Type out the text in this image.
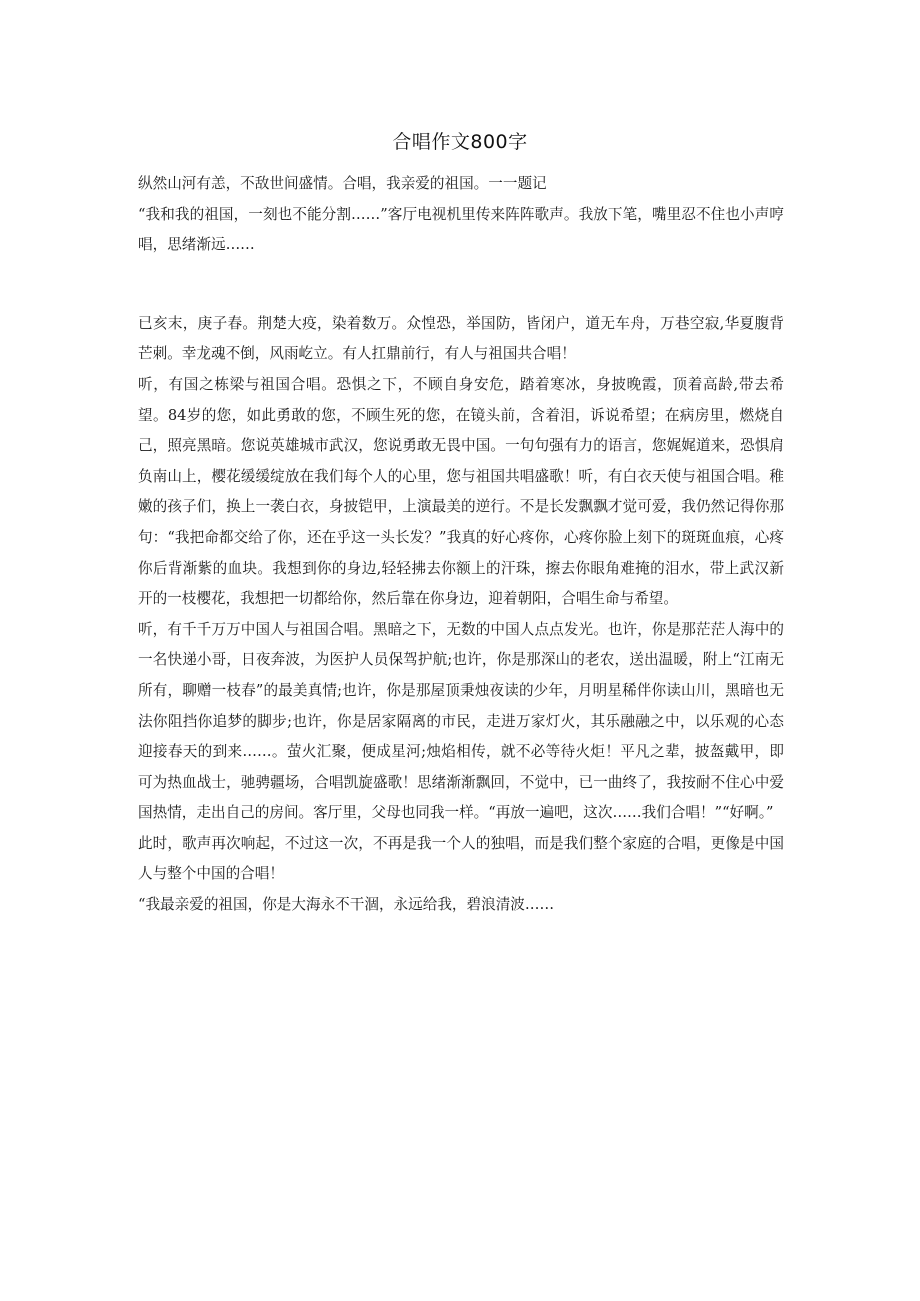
合唱作文800字

纵然山河有恙，不敌世间盛情。合唱，我亲爱的祖国。一一题记

“我和我的祖国，一刻也不能分割……”客厅电视机里传来阵阵歌声。我放下笔，嘴里忍不住也小声哼唱，思绪渐远……

已亥末，庚子春。荆楚大疫，染着数万。众惶恐，举国防，皆闭户，道无车舟，万巷空寂,华夏腹背芒刺。幸龙魂不倒，风雨屹立。有人扛鼎前行，有人与祖国共合唱！

听，有国之栋梁与祖国合唱。恐惧之下，不顾自身安危，踏着寒冰，身披晚霞，顶着高龄,带去希望。84岁的您，如此勇敢的您，不顾生死的您，在镜头前，含着泪，诉说希望；在病房里，燃烧自己，照亮黑暗。您说英雄城市武汉，您说勇敢无畏中国。一句句强有力的语言，您娓娓道来，恐惧肩负南山上，樱花缓缓绽放在我们每个人的心里，您与祖国共唱盛歌！听，有白衣天使与祖国合唱。稚嫩的孩子们，换上一袭白衣，身披铠甲，上演最美的逆行。不是长发飘飘才觉可爱，我仍然记得你那句：“我把命都交给了你，还在乎这一头长发？”我真的好心疼你，心疼你脸上刻下的斑斑血痕，心疼你后背渐紫的血块。我想到你的身边,轻轻拂去你额上的汗珠，擦去你眼角难掩的泪水，带上武汉新开的一枝樱花，我想把一切都给你，然后靠在你身边，迎着朝阳，合唱生命与希望。

听，有千千万万中国人与祖国合唱。黑暗之下，无数的中国人点点发光。也许，你是那茫茫人海中的一名快递小哥，日夜奔波，为医护人员保驾护航;也许，你是那深山的老农，送出温暖，附上“江南无所有，聊赠一枝春”的最美真情;也许，你是那屋顶秉烛夜读的少年，月明星稀伴你读山川，黑暗也无法你阻挡你追梦的脚步;也许，你是居家隔离的市民，走进万家灯火，其乐融融之中，以乐观的心态迎接春天的到来……。萤火汇聚，便成星河;烛焰相传，就不必等待火炬！平凡之辈，披盔戴甲，即可为热血战士，驰骋疆场，合唱凯旋盛歌！思绪渐渐飘回，不觉中，已一曲终了，我按耐不住心中爱国热情，走出自己的房间。客厅里，父母也同我一样。“再放一遍吧，这次……我们合唱！”“好啊。”

此时，歌声再次响起，不过这一次，不再是我一个人的独唱，而是我们整个家庭的合唱，更像是中国人与整个中国的合唱！

“我最亲爱的祖国，你是大海永不干涸，永远给我，碧浪清波……
